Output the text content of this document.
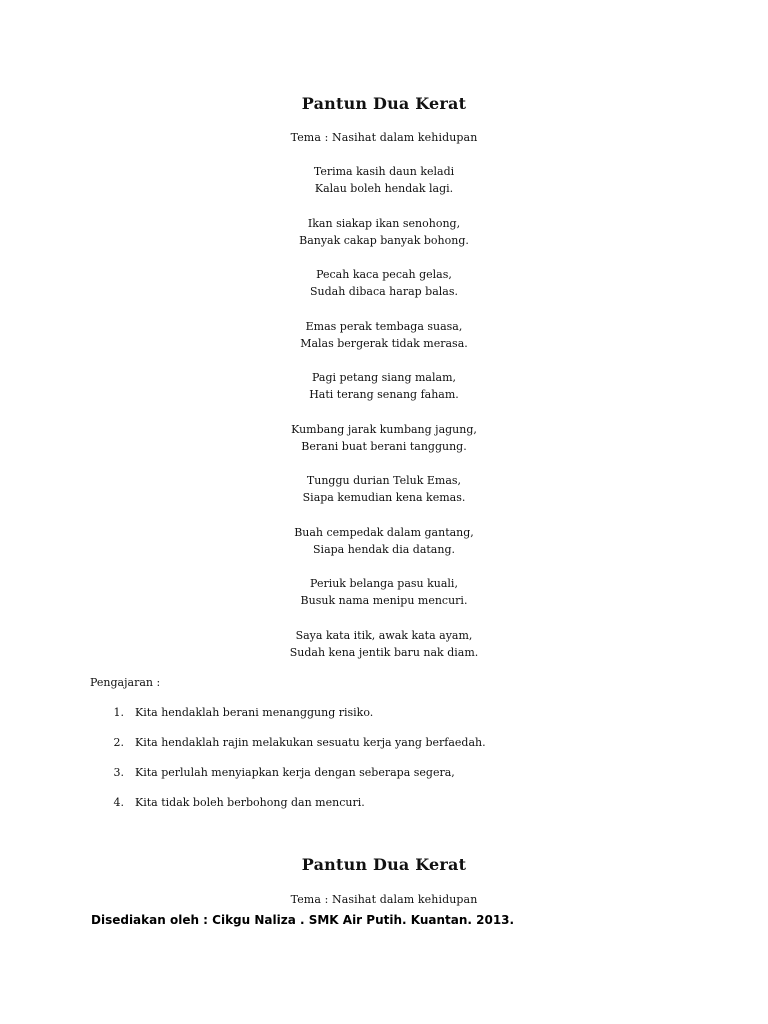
Pantun Dua Kerat
Tema : Nasihat dalam kehidupan
Terima kasih daun keladi
Kalau boleh hendak lagi.
Ikan siakap ikan senohong,
Banyak cakap banyak bohong.
Pecah kaca pecah gelas,
Sudah dibaca harap balas.
Emas perak tembaga suasa,
Malas bergerak tidak merasa.
Pagi petang siang malam,
Hati terang senang faham.
Kumbang jarak kumbang jagung,
Berani buat berani tanggung.
Tunggu durian Teluk Emas,
Siapa kemudian kena kemas.
Buah cempedak dalam gantang,
Siapa hendak dia datang.
Periuk belanga pasu kuali,
Busuk nama menipu mencuri.
Saya kata itik, awak kata ayam,
Sudah kena jentik baru nak diam.
Pengajaran :
1. Kita hendaklah berani menanggung risiko.
2. Kita hendaklah rajin melakukan sesuatu kerja yang berfaedah.
3. Kita perlulah menyiapkan kerja dengan seberapa segera,
4. Kita tidak boleh berbohong dan mencuri.
Pantun Dua Kerat
Tema : Nasihat dalam kehidupan
Disediakan oleh : Cikgu Naliza . SMK Air Putih. Kuantan. 2013.
